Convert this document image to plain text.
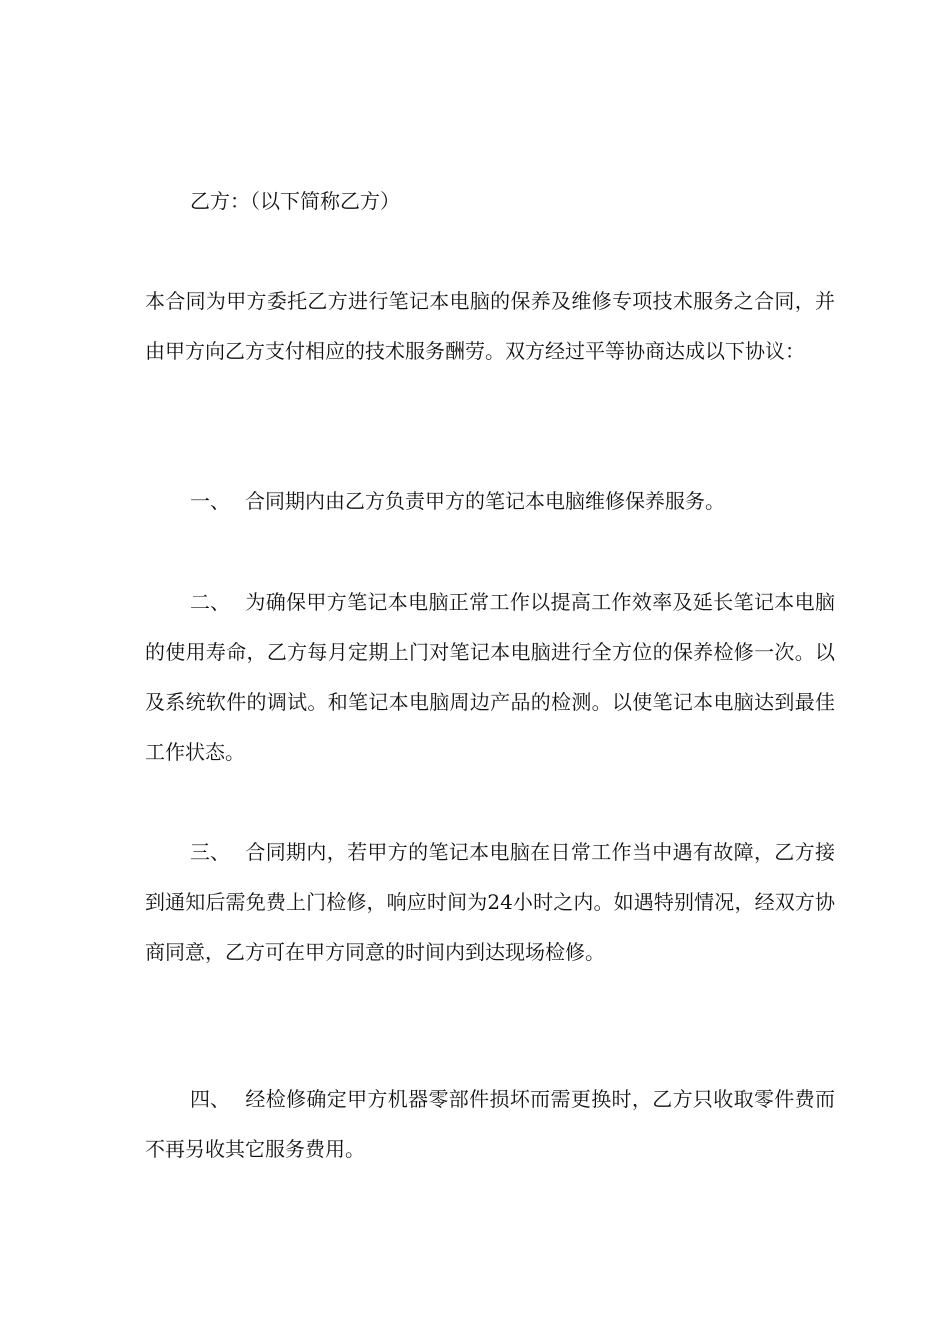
乙方：（以下简称乙方）

本合同为甲方委托乙方进行笔记本电脑的保养及维修专项技术服务之合同，并由甲方向乙方支付相应的技术服务酬劳。双方经过平等协商达成以下协议：

一、 合同期内由乙方负责甲方的笔记本电脑维修保养服务。

二、 为确保甲方笔记本电脑正常工作以提高工作效率及延长笔记本电脑的使用寿命，乙方每月定期上门对笔记本电脑进行全方位的保养检修一次。以及系统软件的调试。和笔记本电脑周边产品的检测。以使笔记本电脑达到最佳工作状态。

三、 合同期内，若甲方的笔记本电脑在日常工作当中遇有故障，乙方接到通知后需免费上门检修，响应时间为24小时之内。如遇特别情况，经双方协商同意，乙方可在甲方同意的时间内到达现场检修。

四、 经检修确定甲方机器零部件损坏而需更换时，乙方只收取零件费而不再另收其它服务费用。
